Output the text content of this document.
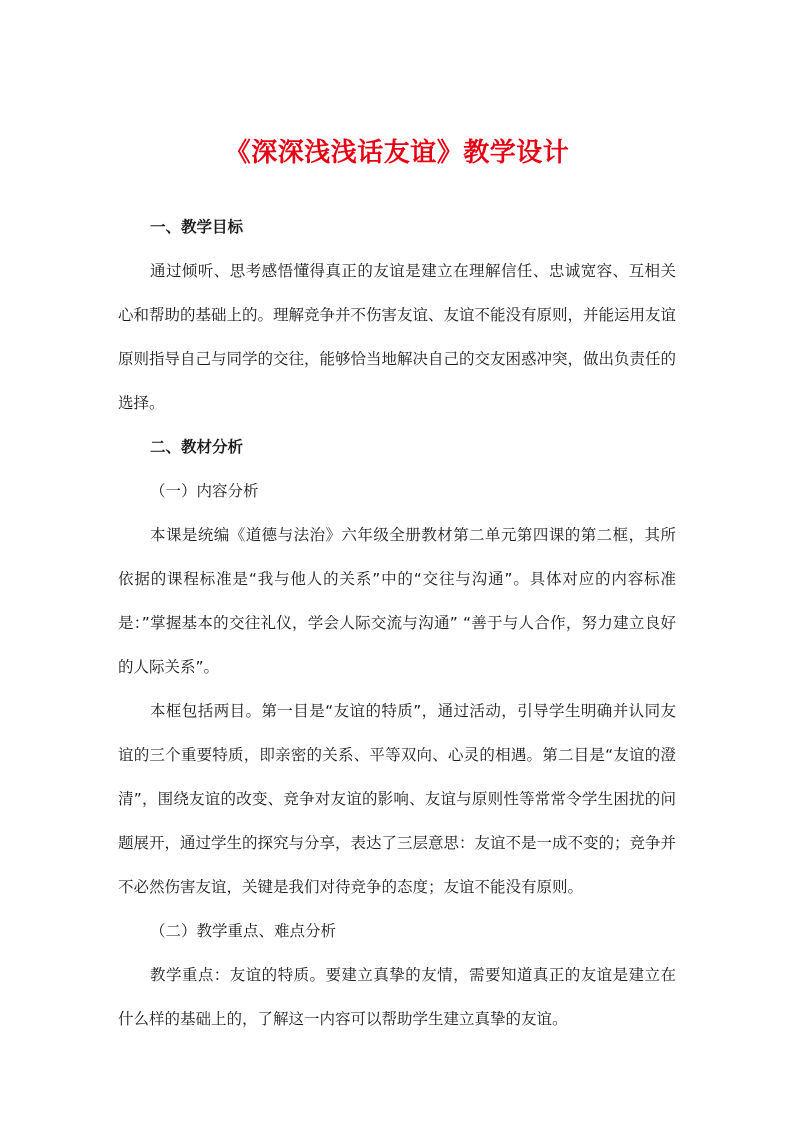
《深深浅浅话友谊》教学设计

一、教学目标

通过倾听、思考感悟懂得真正的友谊是建立在理解信任、忠诚宽容、互相关心和帮助的基础上的。理解竞争并不伤害友谊、友谊不能没有原则，并能运用友谊原则指导自己与同学的交往，能够恰当地解决自己的交友困惑冲突，做出负责任的选择。

二、教材分析

（一）内容分析

本课是统编《道德与法治》六年级全册教材第二单元第四课的第二框，其所依据的课程标准是“我与他人的关系”中的“交往与沟通”。具体对应的内容标准是：”掌握基本的交往礼仪，学会人际交流与沟通” “善于与人合作，努力建立良好的人际关系”。

本框包括两目。第一目是“友谊的特质”，通过活动，引导学生明确并认同友谊的三个重要特质，即亲密的关系、平等双向、心灵的相遇。第二目是“友谊的澄清”，围绕友谊的改变、竞争对友谊的影响、友谊与原则性等常常令学生困扰的问题展开，通过学生的探究与分享，表达了三层意思：友谊不是一成不变的；竞争并不必然伤害友谊，关键是我们对待竞争的态度；友谊不能没有原则。

（二）教学重点、难点分析

教学重点：友谊的特质。要建立真挚的友情，需要知道真正的友谊是建立在什么样的基础上的，了解这一内容可以帮助学生建立真挚的友谊。
